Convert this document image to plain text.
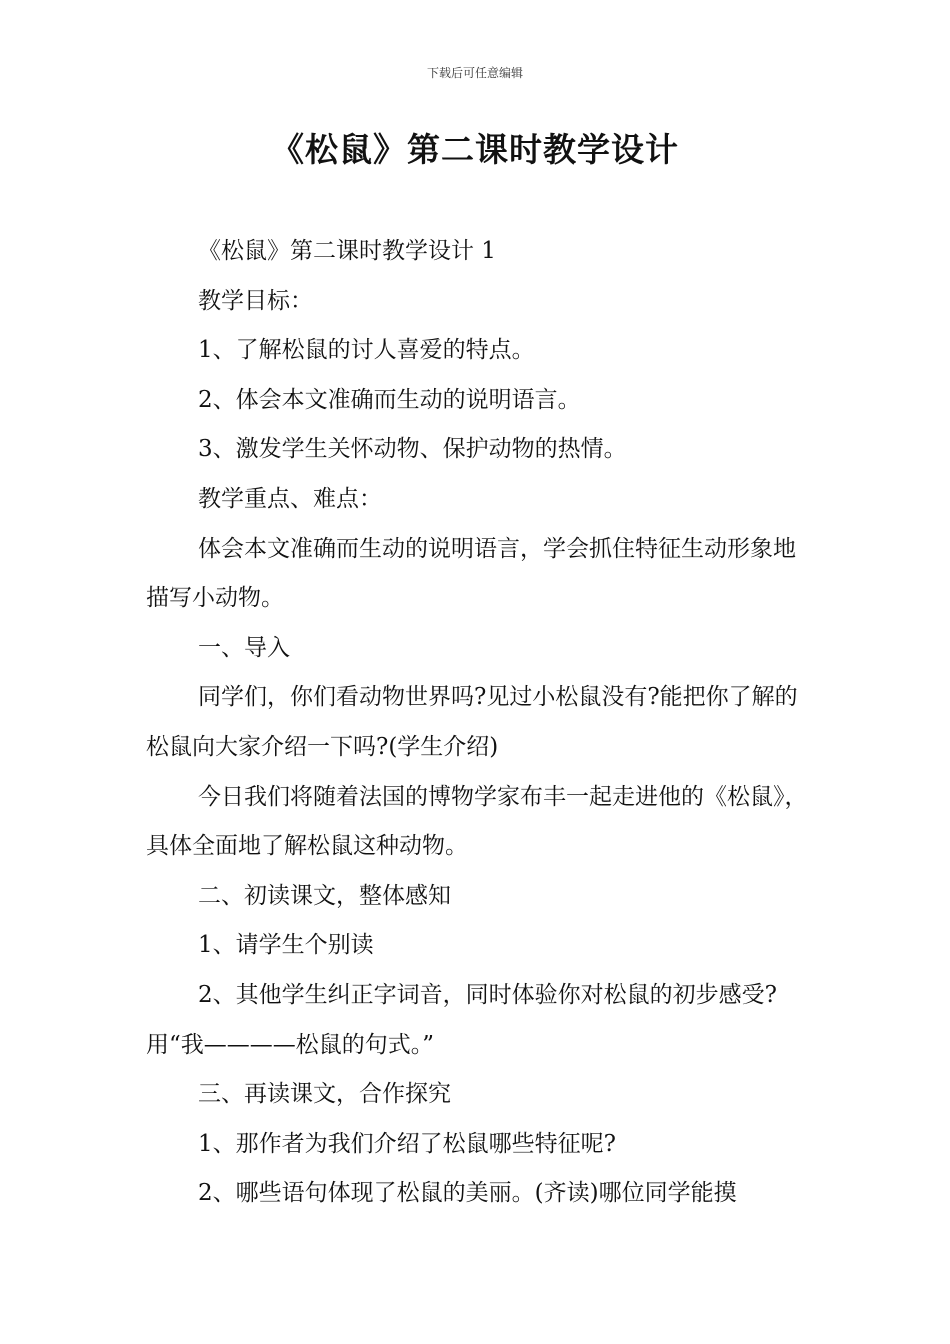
下载后可任意编辑
《松鼠》第二课时教学设计

《松鼠》第二课时教学设计 1

教学目标：

1、了解松鼠的讨人喜爱的特点。

2、体会本文准确而生动的说明语言。

3、激发学生关怀动物、保护动物的热情。

教学重点、难点：

体会本文准确而生动的说明语言，学会抓住特征生动形象地描写小动物。

一、导入

同学们，你们看动物世界吗?见过小松鼠没有?能把你了解的松鼠向大家介绍一下吗?(学生介绍)

今日我们将随着法国的博物学家布丰一起走进他的《松鼠》，具体全面地了解松鼠这种动物。

二、初读课文，整体感知

1、请学生个别读

2、其他学生纠正字词音，同时体验你对松鼠的初步感受?用“我————松鼠的句式。”

三、再读课文，合作探究

1、那作者为我们介绍了松鼠哪些特征呢?

2、哪些语句体现了松鼠的美丽。(齐读)哪位同学能摸
